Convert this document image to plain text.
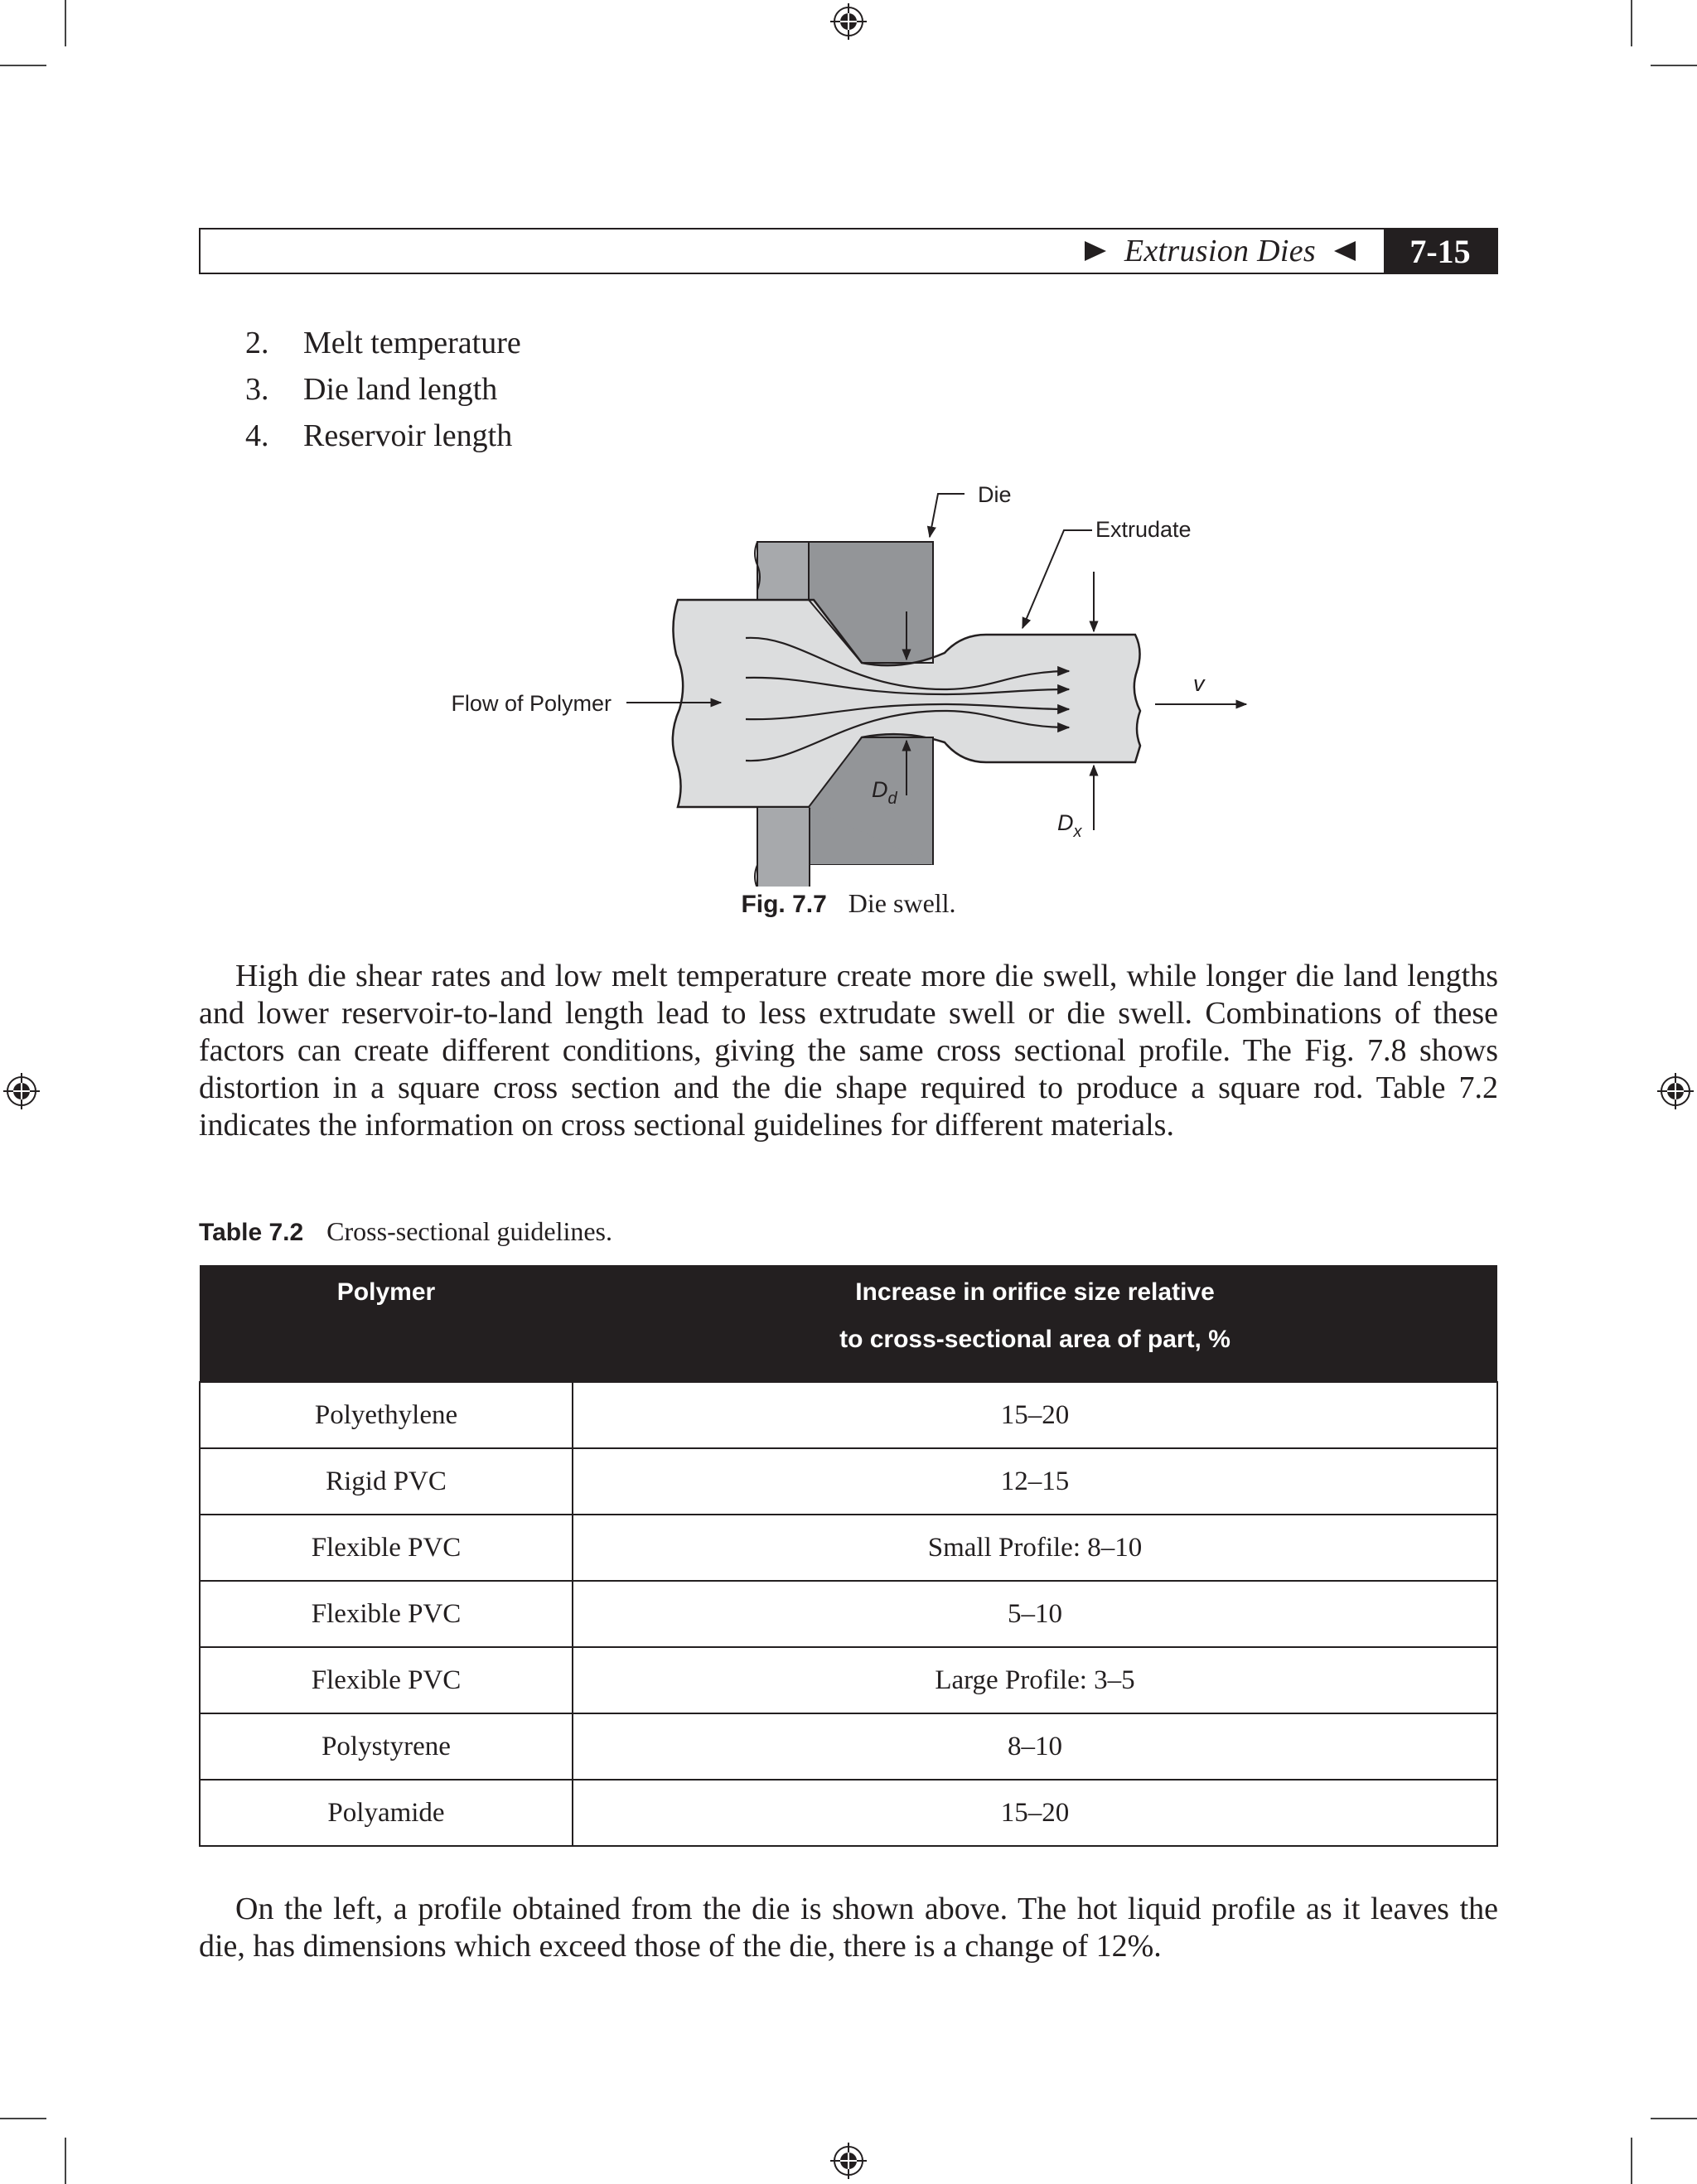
Extrusion Dies	7-15
2. Melt temperature
3. Die land length
4. Reservoir length
Die
Extrudate
Flow of Polymer
v
$D_d$
$D_x$
Fig. 7.7 Die swell.
High die shear rates and low melt temperature create more die swell, while longer die land lengths and lower reservoir-to-land length lead to less extrudate swell or die swell. Combinations of these factors can create different conditions, giving the same cross sectional profile. The Fig. 7.8 shows distortion in a square cross section and the die shape required to produce a square rod. Table 7.2 indicates the information on cross sectional guidelines for different materials.
Table 7.2 Cross-sectional guidelines.
Polymer	Increase in orifice size relative
to cross-sectional area of part, %
Polyethylene	15–20
Rigid PVC	12–15
Flexible PVC	Small Profile: 8–10
Flexible PVC	5–10
Flexible PVC	Large Profile: 3–5
Polystyrene	8–10
Polyamide	15–20
On the left, a profile obtained from the die is shown above. The hot liquid profile as it leaves the die, has dimensions which exceed those of the die, there is a change of 12%.
